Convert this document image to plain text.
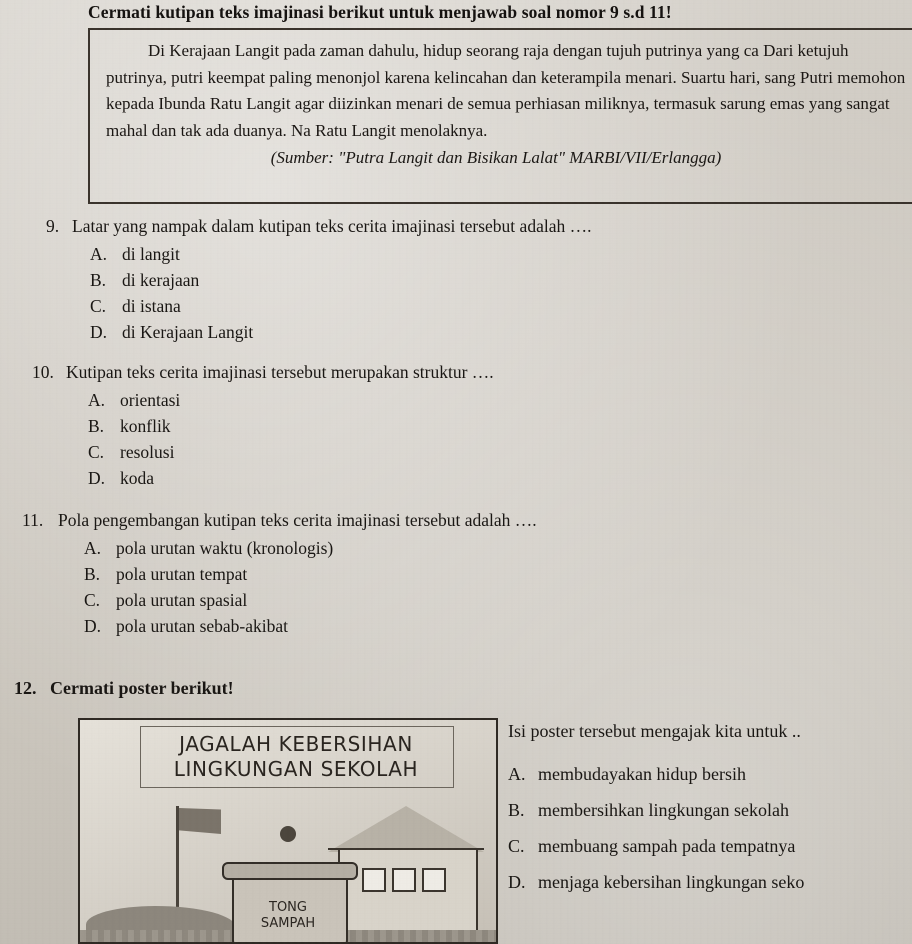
Cermati kutipan teks imajinasi berikut untuk menjawab soal nomor 9 s.d 11!
Di Kerajaan Langit pada zaman dahulu, hidup seorang raja dengan tujuh putrinya yang ca Dari ketujuh putrinya, putri keempat paling menonjol karena kelincahan dan keterampila menari. Suartu hari, sang Putri memohon kepada Ibunda Ratu Langit agar diizinkan menari de semua perhiasan miliknya, termasuk sarung emas yang sangat mahal dan tak ada duanya. Na Ratu Langit menolaknya.
(Sumber: "Putra Langit dan Bisikan Lalat" MARBI/VII/Erlangga)
9. Latar yang nampak dalam kutipan teks cerita imajinasi tersebut adalah ….
A. di langit
B. di kerajaan
C. di istana
D. di Kerajaan Langit
10. Kutipan teks cerita imajinasi tersebut merupakan struktur ….
A. orientasi
B. konflik
C. resolusi
D. koda
11. Pola pengembangan kutipan teks cerita imajinasi tersebut adalah ….
A. pola urutan waktu (kronologis)
B. pola urutan tempat
C. pola urutan spasial
D. pola urutan sebab-akibat
12. Cermati poster berikut!
JAGALAH KEBERSIHAN
LINGKUNGAN SEKOLAH
TONG
SAMPAH
Isi poster tersebut mengajak kita untuk ..
A. membudayakan hidup bersih
B. membersihkan lingkungan sekolah
C. membuang sampah pada tempatnya
D. menjaga kebersihan lingkungan seko
